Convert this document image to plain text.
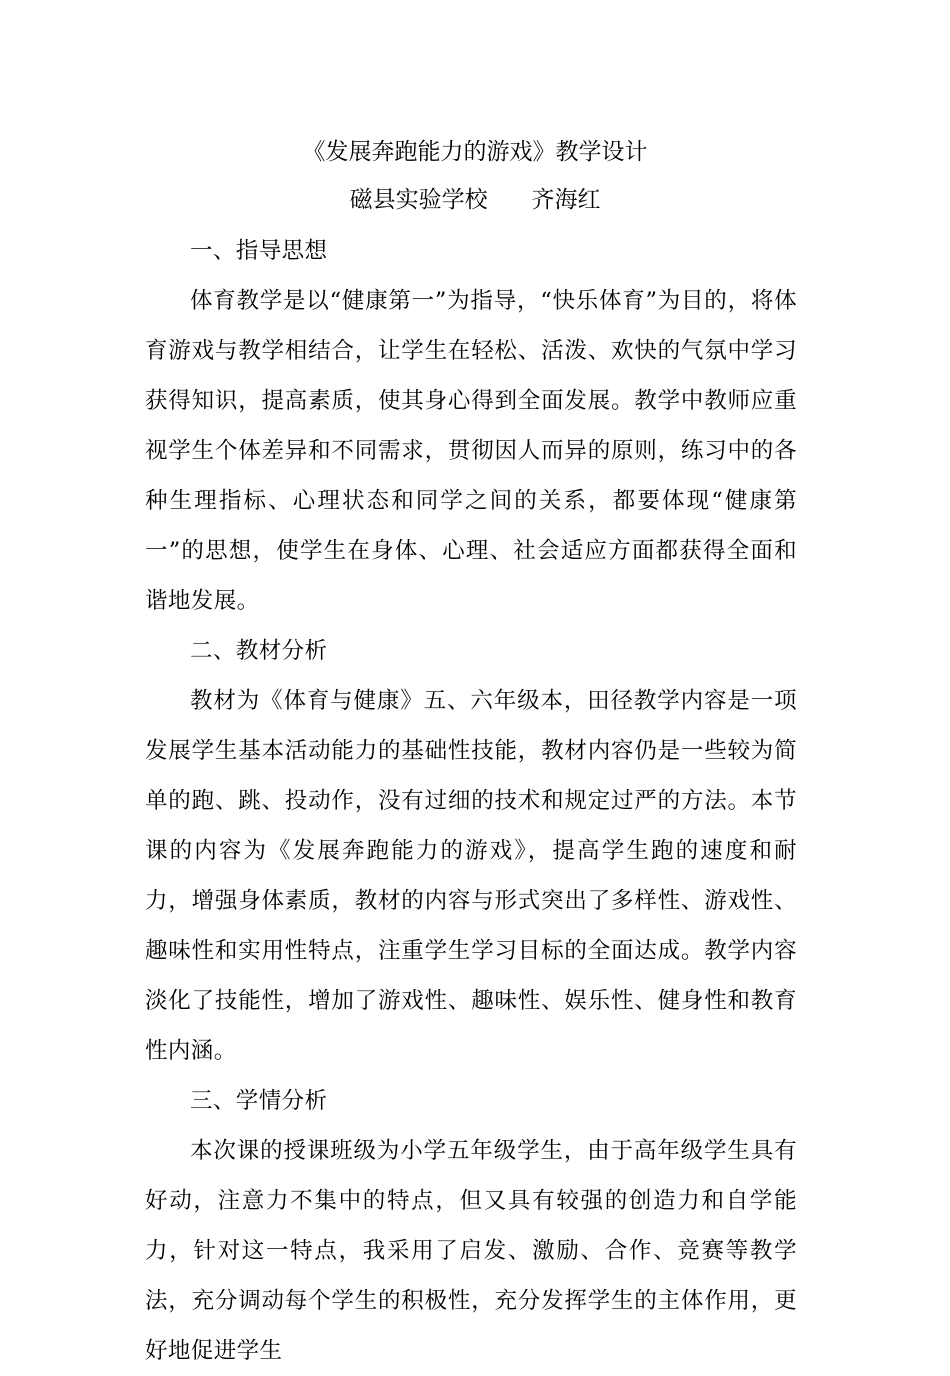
《发展奔跑能力的游戏》教学设计
磁县实验学校 齐海红

一、指导思想

体育教学是以“健康第一”为指导，“快乐体育”为目的，将体育游戏与教学相结合，让学生在轻松、活泼、欢快的气氛中学习获得知识，提高素质，使其身心得到全面发展。教学中教师应重视学生个体差异和不同需求，贯彻因人而异的原则，练习中的各种生理指标、心理状态和同学之间的关系，都要体现“健康第一”的思想，使学生在身体、心理、社会适应方面都获得全面和谐地发展。

二、教材分析

教材为《体育与健康》五、六年级本，田径教学内容是一项发展学生基本活动能力的基础性技能，教材内容仍是一些较为简单的跑、跳、投动作，没有过细的技术和规定过严的方法。本节课的内容为《发展奔跑能力的游戏》，提高学生跑的速度和耐力，增强身体素质，教材的内容与形式突出了多样性、游戏性、趣味性和实用性特点，注重学生学习目标的全面达成。教学内容淡化了技能性，增加了游戏性、趣味性、娱乐性、健身性和教育性内涵。

三、学情分析

本次课的授课班级为小学五年级学生，由于高年级学生具有好动，注意力不集中的特点，但又具有较强的创造力和自学能力，针对这一特点，我采用了启发、激励、合作、竞赛等教学法，充分调动每个学生的积极性，充分发挥学生的主体作用，更好地促进学生
